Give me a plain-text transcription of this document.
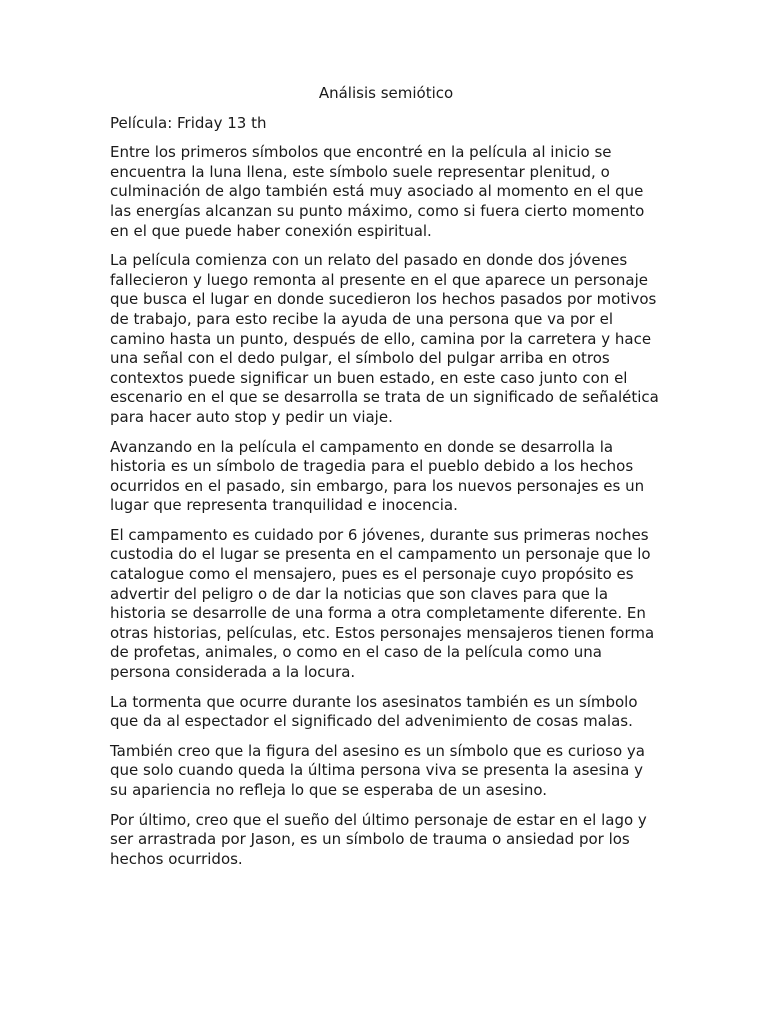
Análisis semiótico

Película: Friday 13 th

Entre los primeros símbolos que encontré en la película al inicio se encuentra la luna llena, este símbolo suele representar plenitud, o culminación de algo también está muy asociado al momento en el que las energías alcanzan su punto máximo, como si fuera cierto momento en el que puede haber conexión espiritual.

La película comienza con un relato del pasado en donde dos jóvenes fallecieron y luego remonta al presente en el que aparece un personaje que busca el lugar en donde sucedieron los hechos pasados por motivos de trabajo, para esto recibe la ayuda de una persona que va por el camino hasta un punto, después de ello, camina por la carretera y hace una señal con el dedo pulgar, el símbolo del pulgar arriba en otros contextos puede significar un buen estado, en este caso junto con el escenario en el que se desarrolla se trata de un significado de señalética para hacer auto stop y pedir un viaje.

Avanzando en la película el campamento en donde se desarrolla la historia es un símbolo de tragedia para el pueblo debido a los hechos ocurridos en el pasado, sin embargo, para los nuevos personajes es un lugar que representa tranquilidad e inocencia.

El campamento es cuidado por 6 jóvenes, durante sus primeras noches custodia do el lugar se presenta en el campamento un personaje que lo catalogue como el mensajero, pues es el personaje cuyo propósito es advertir del peligro o de dar la noticias que son claves para que la historia se desarrolle de una forma a otra completamente diferente. En otras historias, películas, etc. Estos personajes mensajeros tienen forma de profetas, animales, o como en el caso de la película como una persona considerada a la locura.

La tormenta que ocurre durante los asesinatos también es un símbolo que da al espectador el significado del advenimiento de cosas malas.

También creo que la figura del asesino es un símbolo que es curioso ya que solo cuando queda la última persona viva se presenta la asesina y su apariencia no refleja lo que se esperaba de un asesino.

Por último, creo que el sueño del último personaje de estar en el lago y ser arrastrada por Jason, es un símbolo de trauma o ansiedad por los hechos ocurridos.
